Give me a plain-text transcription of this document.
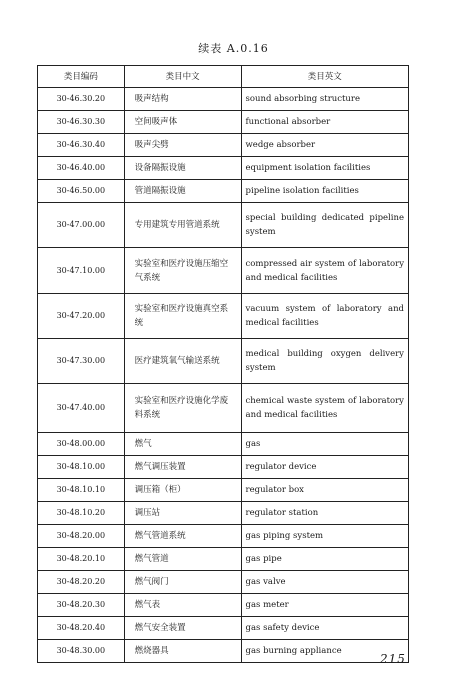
续表 A.0.16
类目编码	类目中文	类目英文
30-46.30.20	吸声结构	sound absorbing structure
30-46.30.30	空间吸声体	functional absorber
30-46.30.40	吸声尖劈	wedge absorber
30-46.40.00	设备隔振设施	equipment isolation facilities
30-46.50.00	管道隔振设施	pipeline isolation facilities
30-47.00.00	专用建筑专用管道系统	special building dedicated pipeline system
30-47.10.00	实验室和医疗设施压缩空气系统	compressed air system of laboratory and medical facilities
30-47.20.00	实验室和医疗设施真空系统	vacuum system of laboratory and medical facilities
30-47.30.00	医疗建筑氧气输送系统	medical building oxygen delivery system
30-47.40.00	实验室和医疗设施化学废料系统	chemical waste system of laboratory and medical facilities
30-48.00.00	燃气	gas
30-48.10.00	燃气调压装置	regulator device
30-48.10.10	调压箱（柜）	regulator box
30-48.10.20	调压站	regulator station
30-48.20.00	燃气管道系统	gas piping system
30-48.20.10	燃气管道	gas pipe
30-48.20.20	燃气阀门	gas valve
30-48.20.30	燃气表	gas meter
30-48.20.40	燃气安全装置	gas safety device
30-48.30.00	燃烧器具	gas burning appliance
215
